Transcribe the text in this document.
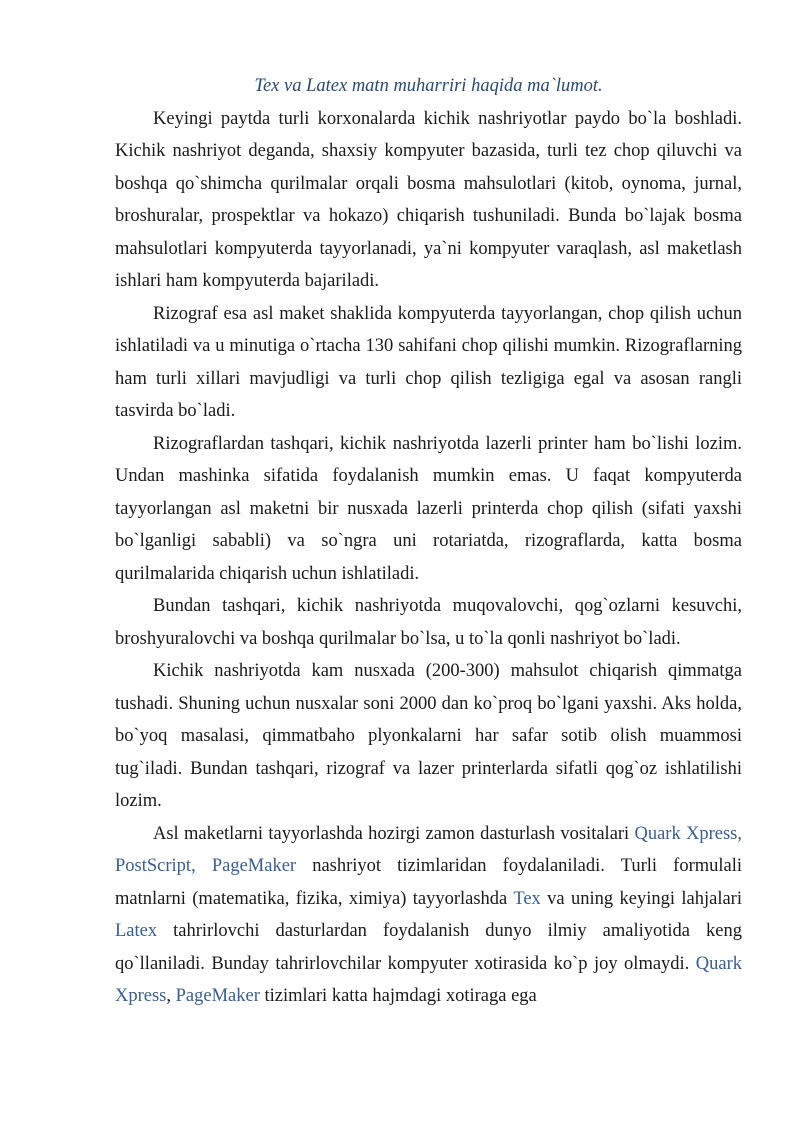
Tex va Latex matn muharriri haqida ma`lumot.

Keyingi paytda turli korxonalarda kichik nashriyotlar paydo bo`la boshladi. Kichik nashriyot deganda, shaxsiy kompyuter bazasida, turli tez chop qiluvchi va boshqa qo`shimcha qurilmalar orqali bosma mahsulotlari (kitob, oynoma, jurnal, broshuralar, prospektlar va hokazo) chiqarish tushuniladi. Bunda bo`lajak bosma mahsulotlari kompyuterda tayyorlanadi, ya`ni kompyuter varaqlash, asl maketlash ishlari ham kompyuterda bajariladi.

Rizograf esa asl maket shaklida kompyuterda tayyorlangan, chop qilish uchun ishlatiladi va u minutiga o`rtacha 130 sahifani chop qilishi mumkin. Rizograflarning ham turli xillari mavjudligi va turli chop qilish tezligiga egal va asosan rangli tasvirda bo`ladi.

Rizograflardan tashqari, kichik nashriyotda lazerli printer ham bo`lishi lozim. Undan mashinka sifatida foydalanish mumkin emas. U faqat kompyuterda tayyorlangan asl maketni bir nusxada lazerli printerda chop qilish (sifati yaxshi bo`lganligi sababli) va so`ngra uni rotariatda, rizograflarda, katta bosma qurilmalarida chiqarish uchun ishlatiladi.

Bundan tashqari, kichik nashriyotda muqovalovchi, qog`ozlarni kesuvchi, broshyuralovchi va boshqa qurilmalar bo`lsa, u to`la qonli nashriyot bo`ladi.

Kichik nashriyotda kam nusxada (200-300) mahsulot chiqarish qimmatga tushadi. Shuning uchun nusxalar soni 2000 dan ko`proq bo`lgani yaxshi. Aks holda, bo`yoq masalasi, qimmatbaho plyonkalarni har safar sotib olish muammosi tug`iladi. Bundan tashqari, rizograf va lazer printerlarda sifatli qog`oz ishlatilishi lozim.

Asl maketlarni tayyorlashda hozirgi zamon dasturlash vositalari Quark Xpress, PostScript, PageMaker nashriyot tizimlaridan foydalaniladi. Turli formulali matnlarni (matematika, fizika, ximiya) tayyorlashda Tex va uning keyingi lahjalari Latex tahrirlovchi dasturlardan foydalanish dunyo ilmiy amaliyotida keng qo`llaniladi. Bunday tahrirlovchilar kompyuter xotirasida ko`p joy olmaydi. Quark Xpress, PageMaker tizimlari katta hajmdagi xotiraga ega
